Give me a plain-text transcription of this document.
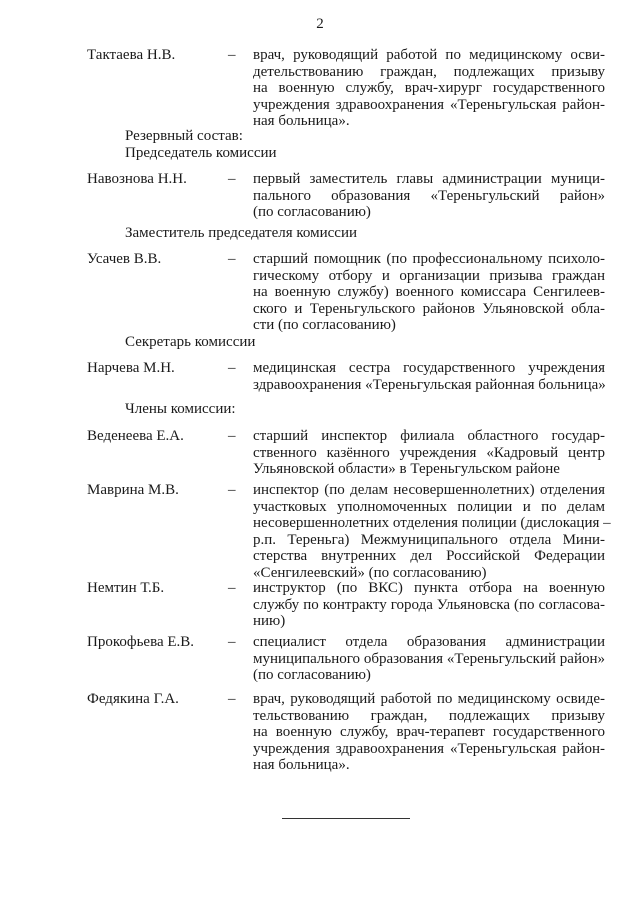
2
Тактаева Н.В.	– врач, руководящий работой по медицинскому осви-
детельствованию граждан, подлежащих призыву
на военную службу, врач-хирург государственного
учреждения здравоохранения «Тереньгульская район-
ная больница».
Резервный состав:
Председатель комиссии
Навознова Н.Н.	– первый заместитель главы администрации муници-
пального образования «Тереньгульский район»
(по согласованию)
Заместитель председателя комиссии
Усачев В.В.	– старший помощник (по профессиональному психоло-
гическому отбору и организации призыва граждан
на военную службу) военного комиссара Сенгилеев-
ского и Тереньгульского районов Ульяновской обла-
сти (по согласованию)
Секретарь комиссии
Нарчева М.Н.	– медицинская сестра государственного учреждения
здравоохранения «Тереньгульская районная больница»
Члены комиссии:
Веденеева Е.А.	– старший инспектор филиала областного государ-
ственного казённого учреждения «Кадровый центр
Ульяновской области» в Тереньгульском районе
Маврина М.В.	– инспектор (по делам несовершеннолетних) отделения
участковых уполномоченных полиции и по делам
несовершеннолетних отделения полиции (дислокация –
р.п. Тереньга) Межмуниципального отдела Мини-
стерства внутренних дел Российской Федерации
«Сенгилеевский» (по согласованию)
Немтин Т.Б.	– инструктор (по ВКС) пункта отбора на военную
службу по контракту города Ульяновска (по согласова-
нию)
Прокофьева Е.В. – специалист отдела образования администрации
муниципального образования «Тереньгульский район»
(по согласованию)
Федякина Г.А.	– врач, руководящий работой по медицинскому освиде-
тельствованию граждан, подлежащих призыву
на военную службу, врач-терапевт государственного
учреждения здравоохранения «Тереньгульская район-
ная больница».
